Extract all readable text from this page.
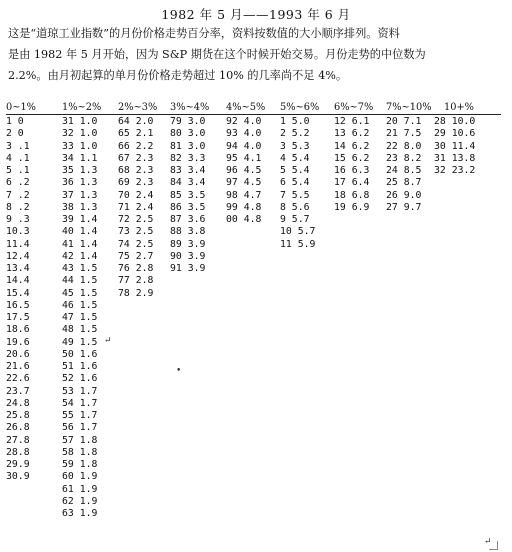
1982 年 5 月——1993 年 6 月
这是“道琼工业指数”的月份价格走势百分率，资料按数值的大小顺序排列。资料
是由 1982 年 5 月开始，因为 S&P 期货在这个时候开始交易。月份走势的中位数为
2.2%。由月初起算的单月份价格走势超过 10% 的几率尚不足 4%。
0~1%	1%~2% 2%~3% 3%~4% 4%~5% 5%~6% 6%~7% 7%~10% 10+%
1 0
2 0
3 .1
4 .1
5 .1
6 .2
7 .2
8 .2
9 .3
10.3
11.4
12.4
13.4
14.4
15.4
16.5
17.5
18.6
19.6
20.6
21.6
22.6
23.7
24.8
25.8
26.8
27.8
28.8
29.9
30.9
31 1.0
32 1.0
33 1.0
34 1.1
35 1.3
36 1.3
37 1.3
38 1.3
39 1.4
40 1.4
41 1.4
42 1.4
43 1.5
44 1.5
45 1.5
46 1.5
47 1.5
48 1.5
49 1.5
50 1.6
51 1.6
52 1.6
53 1.7
54 1.7
55 1.7
56 1.7
57 1.8
58 1.8
59 1.8
60 1.9
61 1.9
62 1.9
63 1.9
64 2.0
65 2.1
66 2.2
67 2.3
68 2.3
69 2.3
70 2.4
71 2.4
72 2.5
73 2.5
74 2.5
75 2.7
76 2.8
77 2.8
78 2.9
79 3.0
80 3.0
81 3.0
82 3.3
83 3.4
84 3.4
85 3.5
86 3.5
87 3.6
88 3.8
89 3.9
90 3.9
91 3.9
92 4.0
93 4.0
94 4.0
95 4.1
96 4.5
97 4.5
98 4.7
99 4.8
00 4.8
1 5.0
2 5.2
3 5.3
4 5.4
5 5.4
6 5.4
7 5.5
8 5.6
9 5.7
10 5.7
11 5.9
12 6.1
13 6.2
14 6.2
15 6.2
16 6.3
17 6.4
18 6.8
19 6.9
20 7.1
21 7.5
22 8.0
23 8.2
24 8.5
25 8.7
26 9.0
27 9.7
28 10.0
29 10.6
30 11.4
31 13.8
32 23.2
↵
•
↵
